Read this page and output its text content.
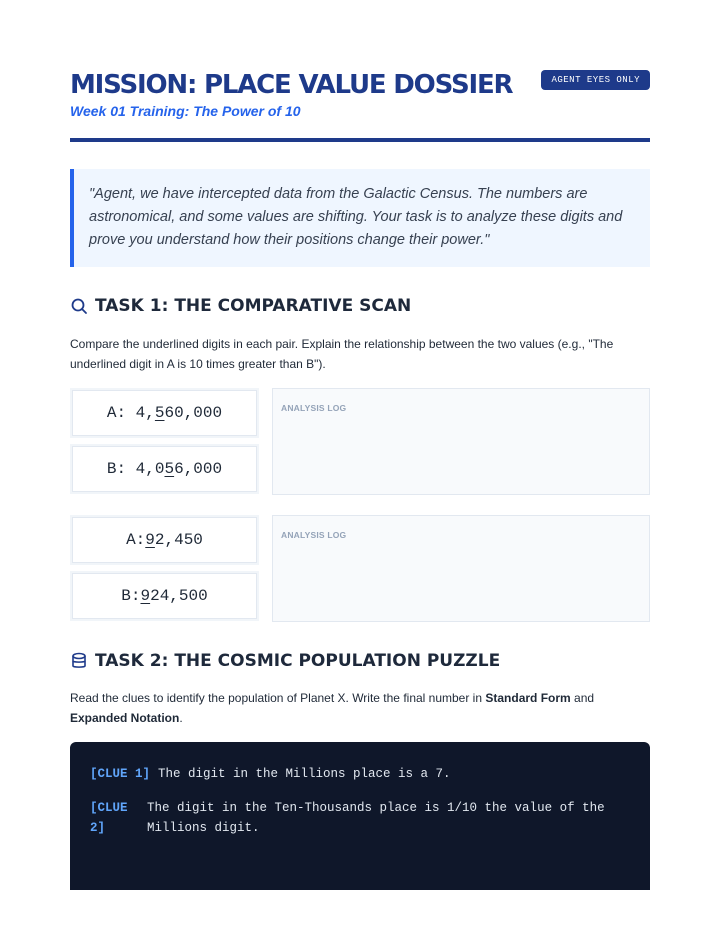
MISSION: PLACE VALUE DOSSIER
Week 01 Training: The Power of 10
AGENT EYES ONLY

"Agent, we have intercepted data from the Galactic Census. The numbers are astronomical, and some values are shifting. Your task is to analyze these digits and prove you understand how their positions change their power."

TASK 1: THE COMPARATIVE SCAN
Compare the underlined digits in each pair. Explain the relationship between the two values (e.g., "The underlined digit in A is 10 times greater than B").
A: 4, 5 60,000
B: 4,0 5 6,000
ANALYSIS LOG
A: 9 2,450
B: 9 24,500
ANALYSIS LOG
TASK 2: THE COSMIC POPULATION PUZZLE
Read the clues to identify the population of Planet X. Write the final number in Standard Form and Expanded Notation.
[CLUE 1] The digit in the Millions place is a 7.
[CLUE 2]
The digit in the Ten-Thousands place is 1/10 the value of the Millions digit.
